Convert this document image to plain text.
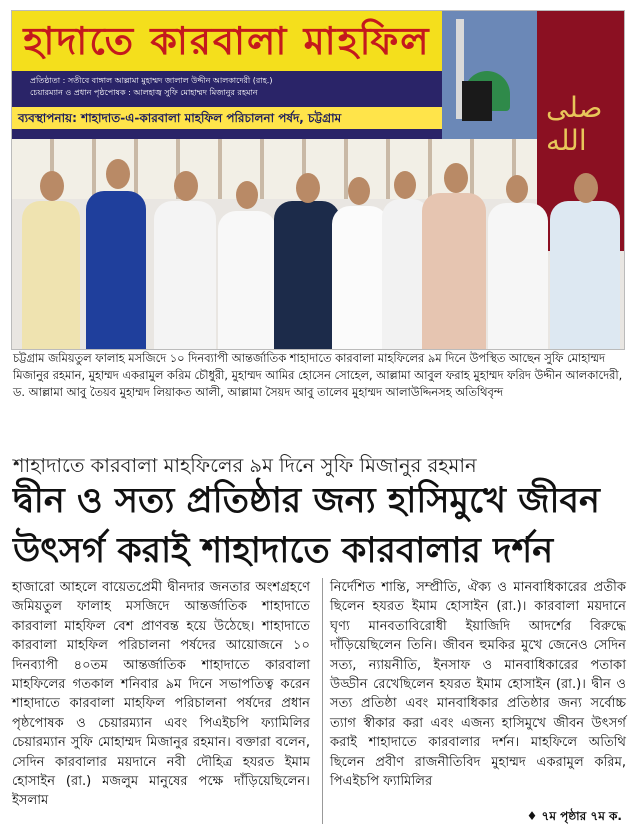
হাদাতে কারবালা মাহফিল
প্রতিষ্ঠাতা : সতীবে বাঙ্গাল আল্লামা মুহাম্মদ জালাল উদ্দীন আলকাদেরী (রাহ.)
চেয়ারম্যান ও প্রধান পৃষ্ঠপোষক : আলহাজ্ব সুফি মোহাম্মদ মিজানুর রহমান
ব্যবস্থাপনায়: শাহাদাত-এ-কারবালা মাহফিল পরিচালনা পর্ষদ, চট্টগ্রাম	صلى الله
চট্টগ্রাম জমিয়তুল ফালাহ মসজিদে ১০ দিনব্যাপী আন্তর্জাতিক শাহাদাতে কারবালা মাহফিলের ৯ম দিনে উপস্থিত আছেন সুফি মোহাম্মদ মিজানুর রহমান, মুহাম্মদ একরামুল করিম চৌধুরী, মুহাম্মদ আমির হোসেন সোহেল, আল্লামা আবুল ফরাহ মুহাম্মদ ফরিদ উদ্দীন আলকাদেরী, ড. আল্লামা আবু তৈয়ব মুহাম্মদ লিয়াকত আলী, আল্লামা সৈয়দ আবু তালেব মুহাম্মদ আলাউদ্দিনসহ অতিথিবৃন্দ
শাহাদাতে কারবালা মাহফিলের ৯ম দিনে সুফি মিজানুর রহমান
দ্বীন ও সত্য প্রতিষ্ঠার জন্য হাসিমুখে জীবন উৎসর্গ করাই শাহাদাতে কারবালার দর্শন
হাজারো আহলে বায়েতপ্রেমী দ্বীনদার জনতার অংশগ্রহণে জমিয়তুল ফালাহ মসজিদে আন্তর্জাতিক শাহাদাতে কারবালা মাহফিল বেশ প্রাণবন্ত হয়ে উঠেছে। শাহাদাতে কারবালা মাহফিল পরিচালনা পর্ষদের আয়োজনে ১০ দিনব্যাপী ৪০তম আন্তর্জাতিক শাহাদাতে কারবালা মাহফিলের গতকাল শনিবার ৯ম দিনে সভাপতিত্ব করেন শাহাদাতে কারবালা মাহফিল পরিচালনা পর্ষদের প্রধান পৃষ্ঠপোষক ও চেয়ারম্যান এবং পিএইচপি ফ্যামিলির চেয়ারম্যান সুফি মোহাম্মদ মিজানুর রহমান। বক্তারা বলেন, সেদিন কারবালার ময়দানে নবী দৌহিত্র হযরত ইমাম হোসাইন (রা.) মজলুম মানুষের পক্ষে দাঁড়িয়েছিলেন। ইসলাম
নির্দেশিত শান্তি, সম্প্রীতি, ঐক্য ও মানবাধিকারের প্রতীক ছিলেন হযরত ইমাম হোসাইন (রা.)। কারবালা ময়দানে ঘৃণ্য মানবতাবিরোধী ইয়াজিদি আদর্শের বিরুদ্ধে দাঁড়িয়েছিলেন তিনি। জীবন হুমকির মুখে জেনেও সেদিন সত্য, ন্যায়নীতি, ইনসাফ ও মানবাধিকারের পতাকা উড্ডীন রেখেছিলেন হযরত ইমাম হোসাইন (রা.)। দ্বীন ও সত্য প্রতিষ্ঠা এবং মানবাধিকার প্রতিষ্ঠার জন্য সর্বোচ্চ ত্যাগ স্বীকার করা এবং এজন্য হাসিমুখে জীবন উৎসর্গ করাই শাহাদাতে কারবালার দর্শন। মাহফিলে অতিথি ছিলেন প্রবীণ রাজনীতিবিদ মুহাম্মদ একরামুল করিম, পিএইচপি ফ্যামিলির
♦ ৭ম পৃষ্ঠার ৭ম ক.
